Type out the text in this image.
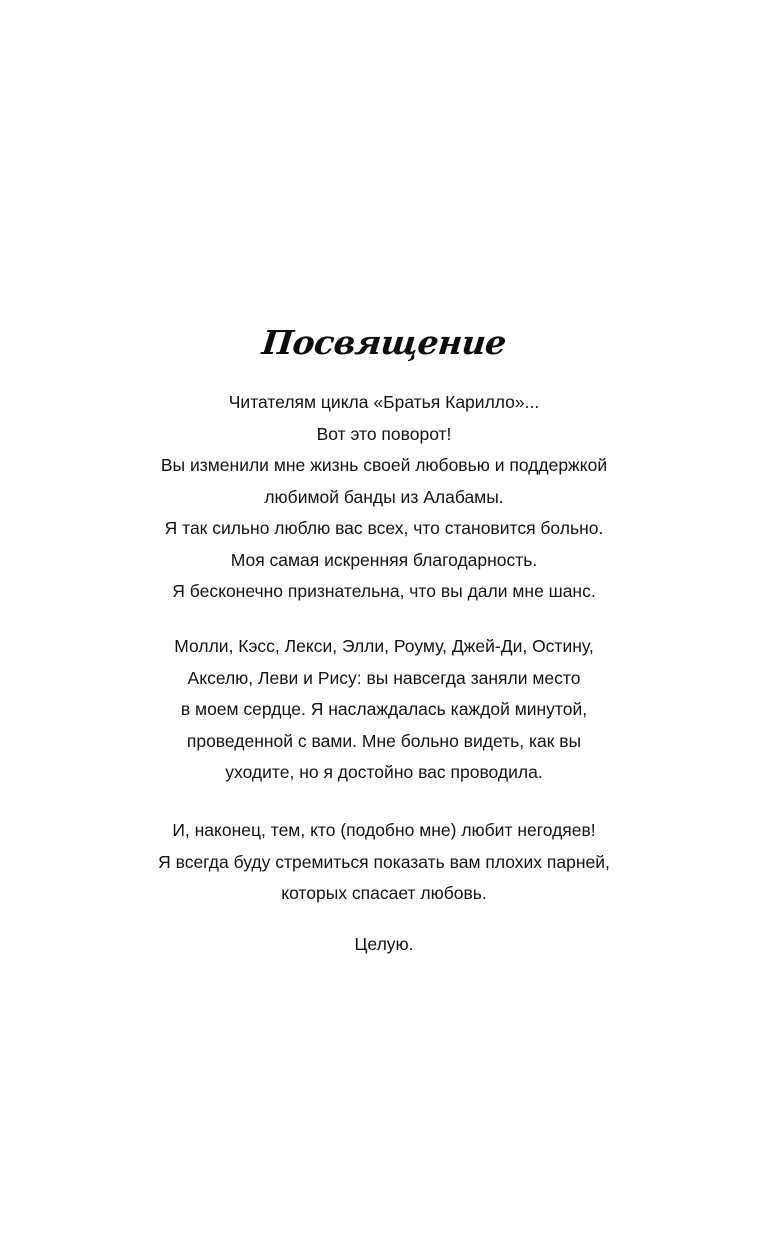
Посвящение
Читателям цикла «Братья Карилло»...
Вот это поворот!
Вы изменили мне жизнь своей любовью и поддержкой
любимой банды из Алабамы.
Я так сильно люблю вас всех, что становится больно.
Моя самая искренняя благодарность.
Я бесконечно признательна, что вы дали мне шанс.
Молли, Кэсс, Лекси, Элли, Роуму, Джей-Ди, Остину,
Акселю, Леви и Рису: вы навсегда заняли место
в моем сердце. Я наслаждалась каждой минутой,
проведенной с вами. Мне больно видеть, как вы
уходите, но я достойно вас проводила.
И, наконец, тем, кто (подобно мне) любит негодяев!
Я всегда буду стремиться показать вам плохих парней,
которых спасает любовь.
Целую.
